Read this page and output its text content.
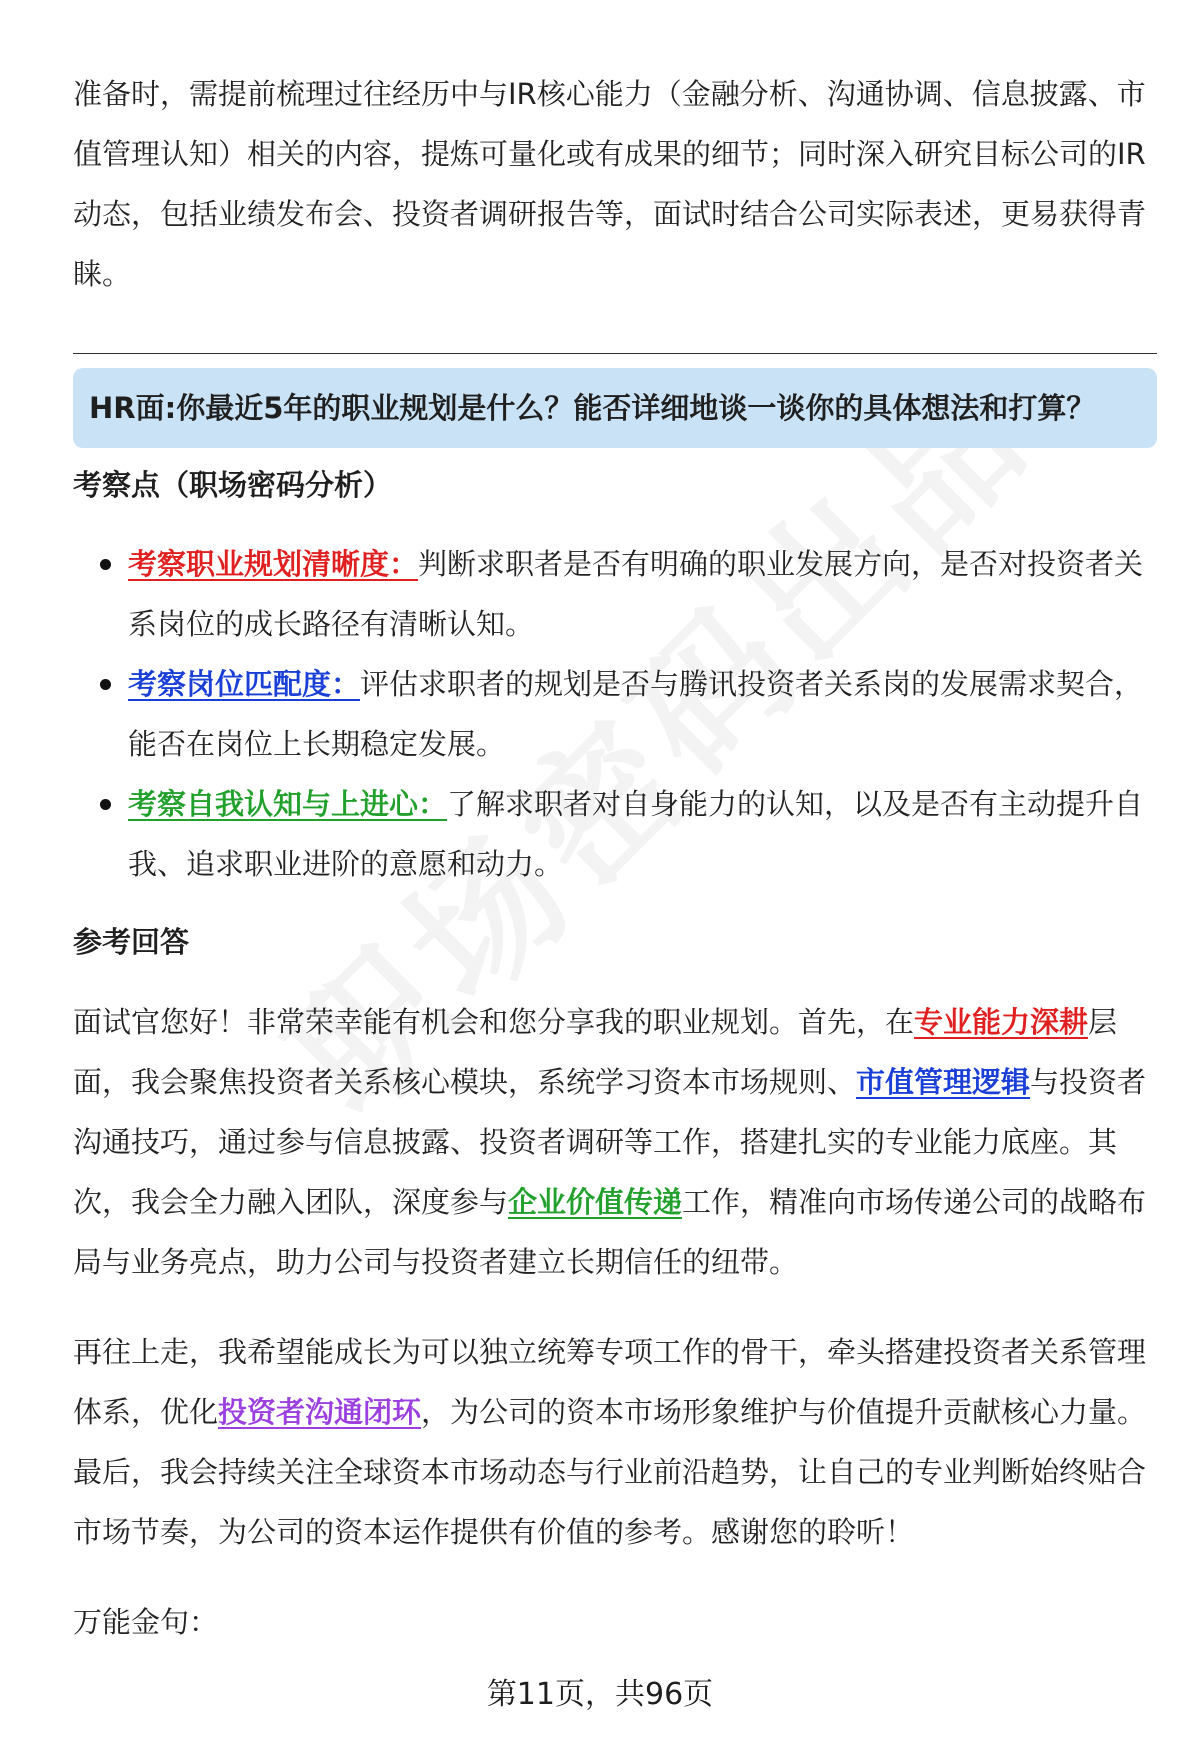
准备时，需提前梳理过往经历中与IR核心能力（金融分析、沟通协调、信息披露、市值管理认知）相关的内容，提炼可量化或有成果的细节；同时深入研究目标公司的IR动态，包括业绩发布会、投资者调研报告等，面试时结合公司实际表述，更易获得青睐。

HR面:你最近5年的职业规划是什么？能否详细地谈一谈你的具体想法和打算？
考察点（职场密码分析）
考察职业规划清晰度：判断求职者是否有明确的职业发展方向，是否对投资者关系岗位的成长路径有清晰认知。
考察岗位匹配度：评估求职者的规划是否与腾讯投资者关系岗的发展需求契合，能否在岗位上长期稳定发展。
考察自我认知与上进心：了解求职者对自身能力的认知，以及是否有主动提升自我、追求职业进阶的意愿和动力。
参考回答

面试官您好！非常荣幸能有机会和您分享我的职业规划。首先，在专业能力深耕层面，我会聚焦投资者关系核心模块，系统学习资本市场规则、市值管理逻辑与投资者沟通技巧，通过参与信息披露、投资者调研等工作，搭建扎实的专业能力底座。其次，我会全力融入团队，深度参与企业价值传递工作，精准向市场传递公司的战略布局与业务亮点，助力公司与投资者建立长期信任的纽带。

再往上走，我希望能成长为可以独立统筹专项工作的骨干，牵头搭建投资者关系管理体系，优化投资者沟通闭环，为公司的资本市场形象维护与价值提升贡献核心力量。最后，我会持续关注全球资本市场动态与行业前沿趋势，让自己的专业判断始终贴合市场节奏，为公司的资本运作提供有价值的参考。感谢您的聆听！

万能金句：

第11页，共96页
